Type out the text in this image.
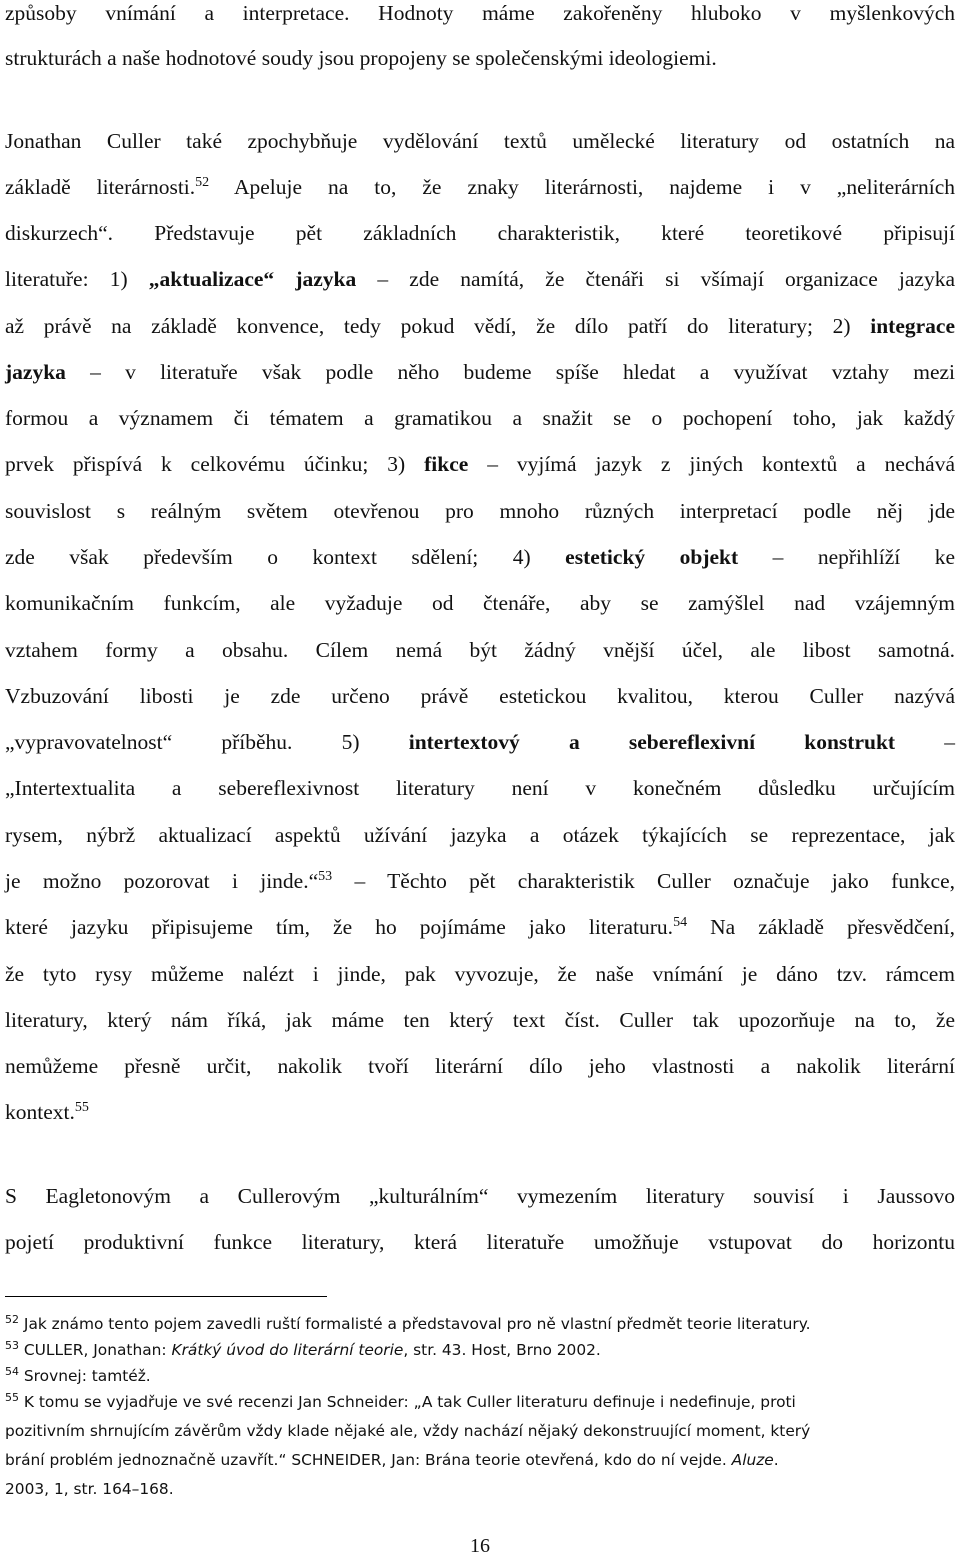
způsoby vnímání a interpretace. Hodnoty máme zakořeněny hluboko v myšlenkových
strukturách a naše hodnotové soudy jsou propojeny se společenskými ideologiemi.
Jonathan Culler také zpochybňuje vydělování textů umělecké literatury od ostatních na
základě literárnosti.$^{52}$ Apeluje na to, že znaky literárnosti, najdeme i v „neliterárních
diskurzech“. Představuje pět základních charakteristik, které teoretikové připisují
literatuře: 1) „aktualizace“ jazyka – zde namítá, že čtenáři si všímají organizace jazyka
až právě na základě konvence, tedy pokud vědí, že dílo patří do literatury; 2) integrace
jazyka – v literatuře však podle něho budeme spíše hledat a využívat vztahy mezi
formou a významem či tématem a gramatikou a snažit se o pochopení toho, jak každý
prvek přispívá k celkovému účinku; 3) fikce – vyjímá jazyk z jiných kontextů a nechává
souvislost s reálným světem otevřenou pro mnoho různých interpretací podle něj jde
zde však především o kontext sdělení; 4) estetický objekt – nepřihlíží ke
komunikačním funkcím, ale vyžaduje od čtenáře, aby se zamýšlel nad vzájemným
vztahem formy a obsahu. Cílem nemá být žádný vnější účel, ale libost samotná.
Vzbuzování libosti je zde určeno právě estetickou kvalitou, kterou Culler nazývá
„vypravovatelnost“ příběhu. 5) intertextový a sebereflexivní konstrukt –
„Intertextualita a sebereflexivnost literatury není v konečném důsledku určujícím
rysem, nýbrž aktualizací aspektů užívání jazyka a otázek týkajících se reprezentace, jak
je možno pozorovat i jinde.“$^{53}$ – Těchto pět charakteristik Culler označuje jako funkce,
které jazyku připisujeme tím, že ho pojímáme jako literaturu.$^{54}$ Na základě přesvědčení,
že tyto rysy můžeme nalézt i jinde, pak vyvozuje, že naše vnímání je dáno tzv. rámcem
literatury, který nám říká, jak máme ten který text číst. Culler tak upozorňuje na to, že
nemůžeme přesně určit, nakolik tvoří literární dílo jeho vlastnosti a nakolik literární
kontext.$^{55}$
S Eagletonovým a Cullerovým „kulturálním“ vymezením literatury souvisí i Jaussovo
pojetí produktivní funkce literatury, která literatuře umožňuje vstupovat do horizontu
$^{52}$ Jak známo tento pojem zavedli ruští formalisté a představoval pro ně vlastní předmět teorie literatury.
$^{53}$ CULLER, Jonathan: Krátký úvod do literární teorie, str. 43. Host, Brno 2002.
$^{54}$ Srovnej: tamtéž.
$^{55}$ K tomu se vyjadřuje ve své recenzi Jan Schneider: „A tak Culler literaturu definuje i nedefinuje, proti
pozitivním shrnujícím závěrům vždy klade nějaké ale, vždy nachází nějaký dekonstruující moment, který
brání problém jednoznačně uzavřít.“ SCHNEIDER, Jan: Brána teorie otevřená, kdo do ní vejde. Aluze.
2003, 1, str. 164–168.
16
